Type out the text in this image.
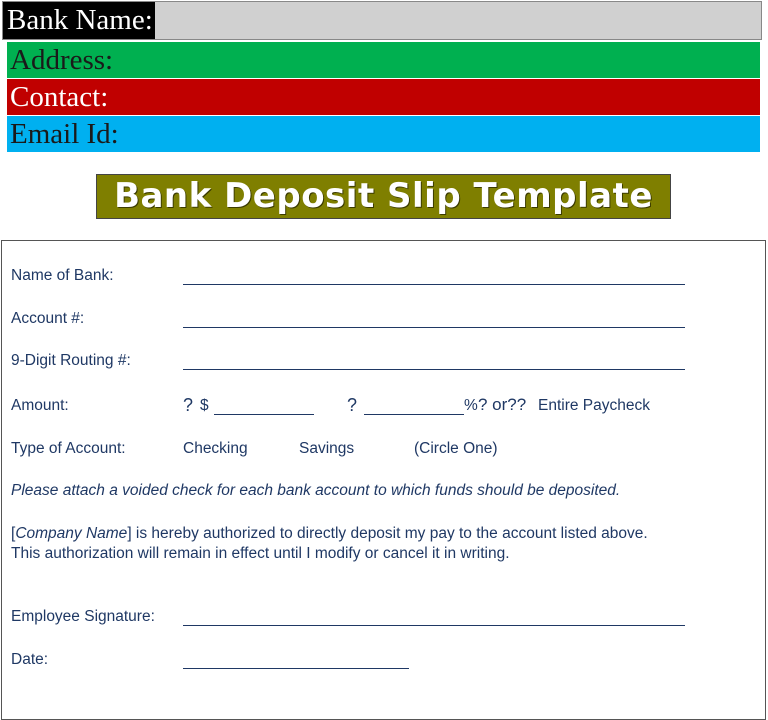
Bank Name:
Address:
Contact:
Email Id:
Bank Deposit Slip Template
Name of Bank:
Account #:
9-Digit Routing #:
Amount:	? $	?	% ? or?? Entire Paycheck
Type of Account:	Checking	Savings	(Circle One)
Please attach a voided check for each bank account to which funds should be deposited.
[Company Name] is hereby authorized to directly deposit my pay to the account listed above.
This authorization will remain in effect until I modify or cancel it in writing.
Employee Signature:
Date:
